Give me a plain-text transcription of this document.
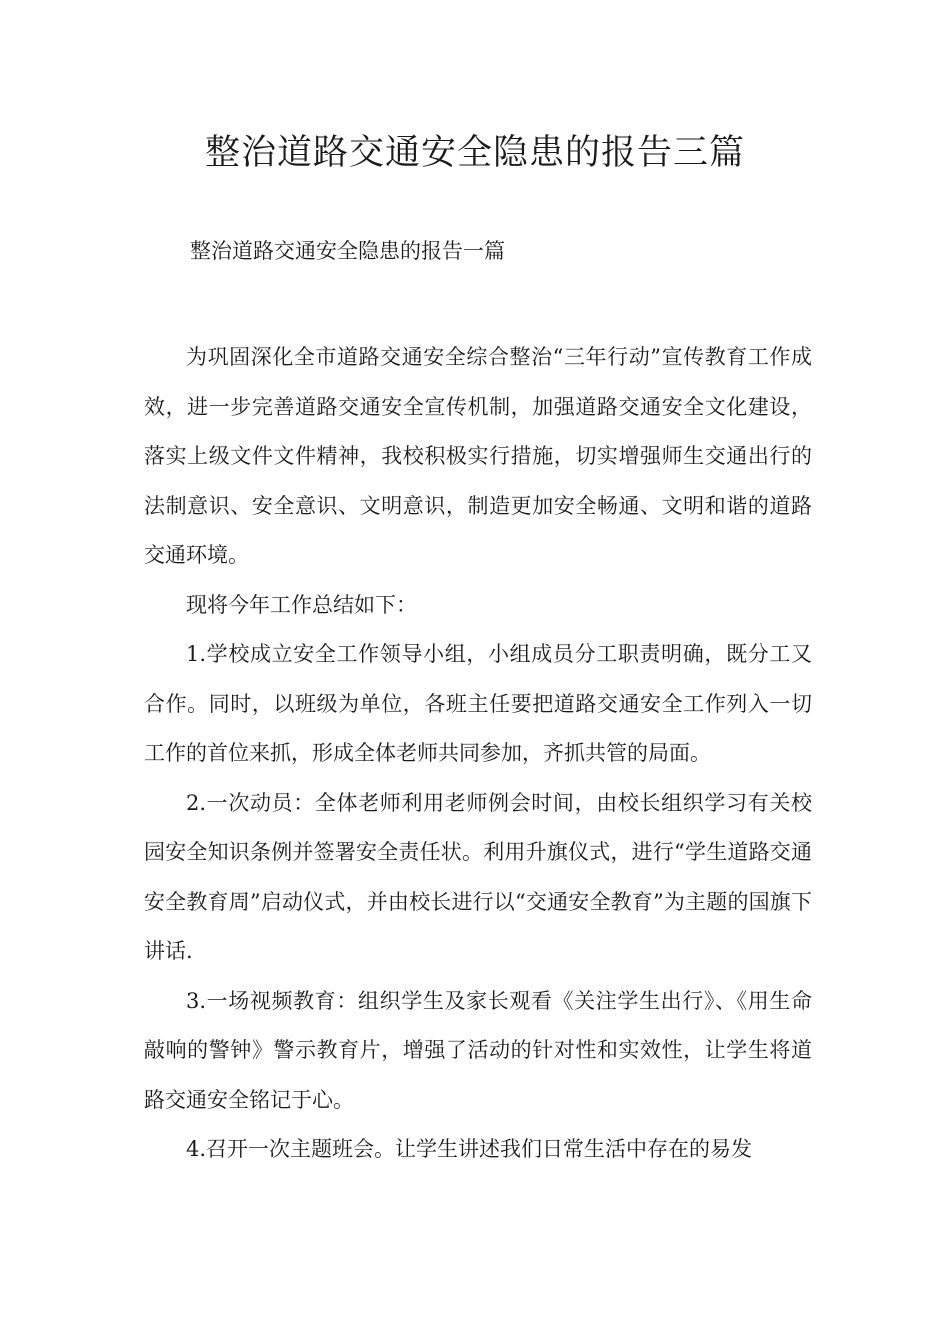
整治道路交通安全隐患的报告三篇

整治道路交通安全隐患的报告一篇

为巩固深化全市道路交通安全综合整治“三年行动”宣传教育工作成效，进一步完善道路交通安全宣传机制，加强道路交通安全文化建设，落实上级文件文件精神，我校积极实行措施，切实增强师生交通出行的法制意识、安全意识、文明意识，制造更加安全畅通、文明和谐的道路交通环境。

现将今年工作总结如下：

1.学校成立安全工作领导小组，小组成员分工职责明确，既分工又合作。同时，以班级为单位，各班主任要把道路交通安全工作列入一切工作的首位来抓，形成全体老师共同参加，齐抓共管的局面。

2.一次动员：全体老师利用老师例会时间，由校长组织学习有关校园安全知识条例并签署安全责任状。利用升旗仪式，进行“学生道路交通安全教育周”启动仪式，并由校长进行以“交通安全教育”为主题的国旗下讲话.

3.一场视频教育：组织学生及家长观看《关注学生出行》、《用生命敲响的警钟》警示教育片，增强了活动的针对性和实效性，让学生将道路交通安全铭记于心。

4.召开一次主题班会。让学生讲述我们日常生活中存在的易发
